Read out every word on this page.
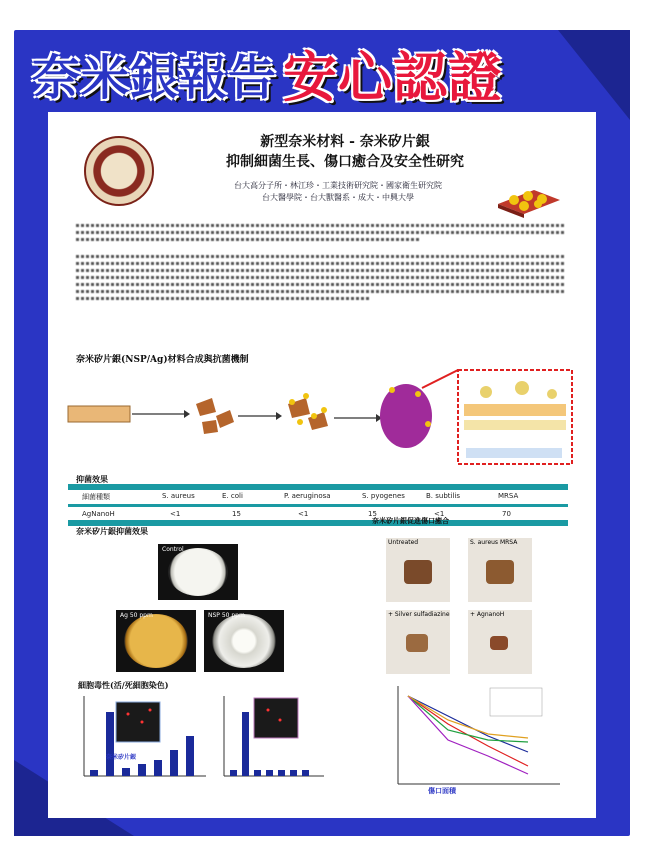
奈米銀報告 安心認證
新型奈米材料 - 奈米矽片銀
抑制細菌生長、傷口癒合及安全性研究
台大高分子所・林江珍・工業技術研究院・國家衛生研究院
台大醫學院・台大獸醫系・成大・中興大學
奈米矽片銀(NSP/Ag)材料合成與抗菌機制
抑菌效果
細菌種類	S. aureus	E. coli	P. aeruginosa	S. pyogenes	B. subtilis	MRSA
AgNanoH	<1	15	<1	15	<1	70
奈米矽片銀抑菌效果
Control
Ag 50 ppm	NSP 50 ppm
奈米矽片銀促進傷口癒合
Untreated	S. aureus MRSA
+ Silver sulfadiazine	+ AgnanoH
細胞毒性(活/死細胞染色)
奈米矽片銀
傷口面積
